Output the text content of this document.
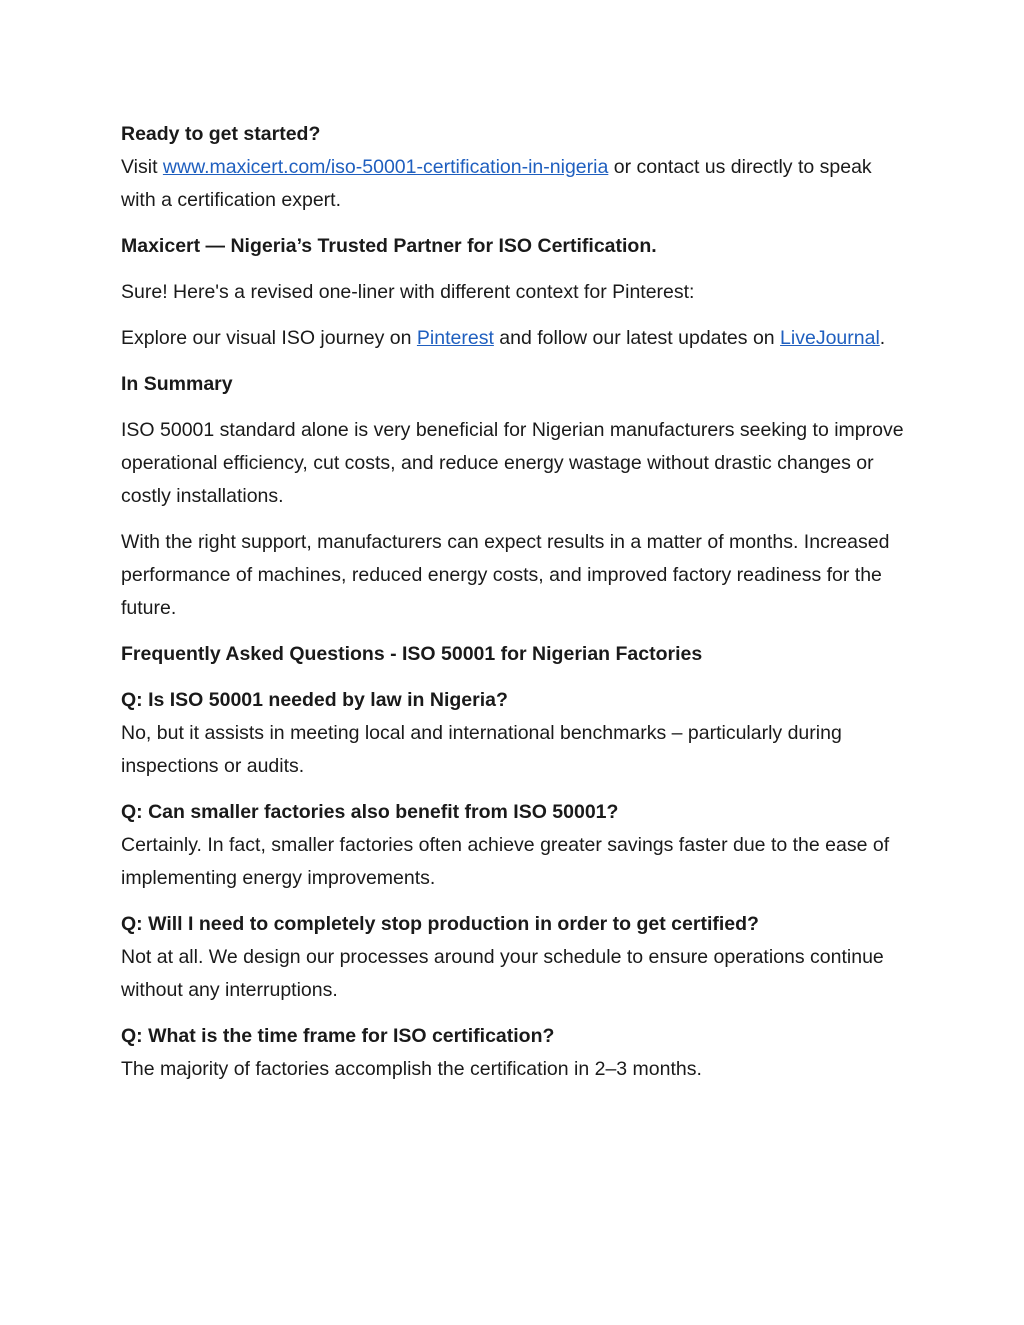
Ready to get started?
Visit www.maxicert.com/iso-50001-certification-in-nigeria or contact us directly to speak with a certification expert.

Maxicert — Nigeria’s Trusted Partner for ISO Certification.

Sure! Here's a revised one-liner with different context for Pinterest:

Explore our visual ISO journey on Pinterest and follow our latest updates on LiveJournal.

In Summary

ISO 50001 standard alone is very beneficial for Nigerian manufacturers seeking to improve operational efficiency, cut costs, and reduce energy wastage without drastic changes or costly installations.

With the right support, manufacturers can expect results in a matter of months. Increased performance of machines, reduced energy costs, and improved factory readiness for the future.

Frequently Asked Questions - ISO 50001 for Nigerian Factories

Q: Is ISO 50001 needed by law in Nigeria?
No, but it assists in meeting local and international benchmarks – particularly during inspections or audits.
Q: Can smaller factories also benefit from ISO 50001?
Certainly. In fact, smaller factories often achieve greater savings faster due to the ease of implementing energy improvements.
Q: Will I need to completely stop production in order to get certified?
Not at all. We design our processes around your schedule to ensure operations continue without any interruptions.
Q: What is the time frame for ISO certification?
The majority of factories accomplish the certification in 2–3 months.
